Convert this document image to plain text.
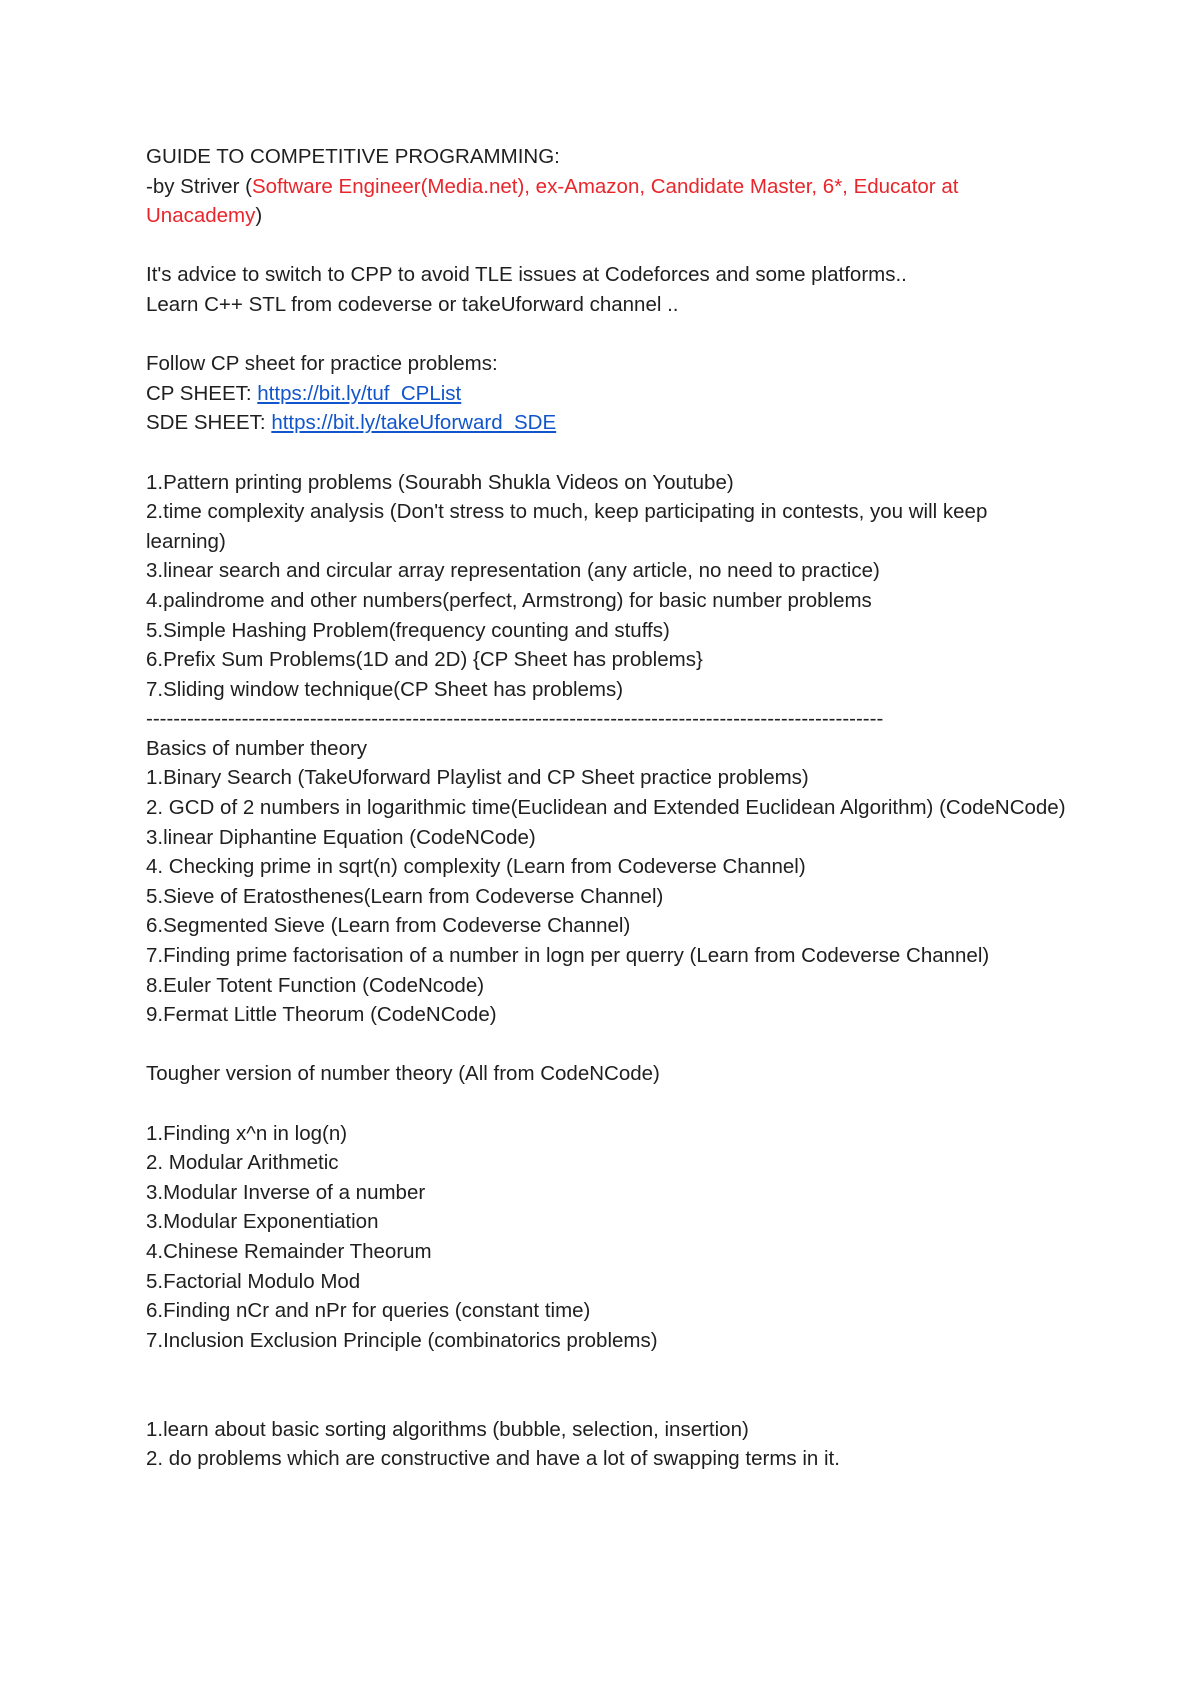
GUIDE TO COMPETITIVE PROGRAMMING:
-by Striver (Software Engineer(Media.net), ex-Amazon, Candidate Master, 6*, Educator at Unacademy)
It's advice to switch to CPP to avoid TLE issues at Codeforces and some platforms..
Learn C++ STL from codeverse or takeUforward channel ..
Follow CP sheet for practice problems:
CP SHEET: https://bit.ly/tuf_CPList
SDE SHEET: https://bit.ly/takeUforward_SDE
1.Pattern printing problems (Sourabh Shukla Videos on Youtube)
2.time complexity analysis (Don't stress to much, keep participating in contests, you will keep learning)
3.linear search and circular array representation (any article, no need to practice)
4.palindrome and other numbers(perfect, Armstrong) for basic number problems
5.Simple Hashing Problem(frequency counting and stuffs)
6.Prefix Sum Problems(1D and 2D) {CP Sheet has problems}
7.Sliding window technique(CP Sheet has problems)
------------------------------------------------------------------------------------------------------------
Basics of number theory
1.Binary Search (TakeUforward Playlist and CP Sheet practice problems)
2. GCD of 2 numbers in logarithmic time(Euclidean and Extended Euclidean Algorithm) (CodeNCode)
3.linear Diphantine Equation (CodeNCode)
4. Checking prime in sqrt(n) complexity (Learn from Codeverse Channel)
5.Sieve of Eratosthenes(Learn from Codeverse Channel)
6.Segmented Sieve (Learn from Codeverse Channel)
7.Finding prime factorisation of a number in logn per querry (Learn from Codeverse Channel)
8.Euler Totent Function (CodeNcode)
9.Fermat Little Theorum (CodeNCode)
Tougher version of number theory (All from CodeNCode)
1.Finding x^n in log(n)
2. Modular Arithmetic
3.Modular Inverse of a number
3.Modular Exponentiation
4.Chinese Remainder Theorum
5.Factorial Modulo Mod
6.Finding nCr and nPr for queries (constant time)
7.Inclusion Exclusion Principle (combinatorics problems)
1.learn about basic sorting algorithms (bubble, selection, insertion)
2. do problems which are constructive and have a lot of swapping terms in it.
